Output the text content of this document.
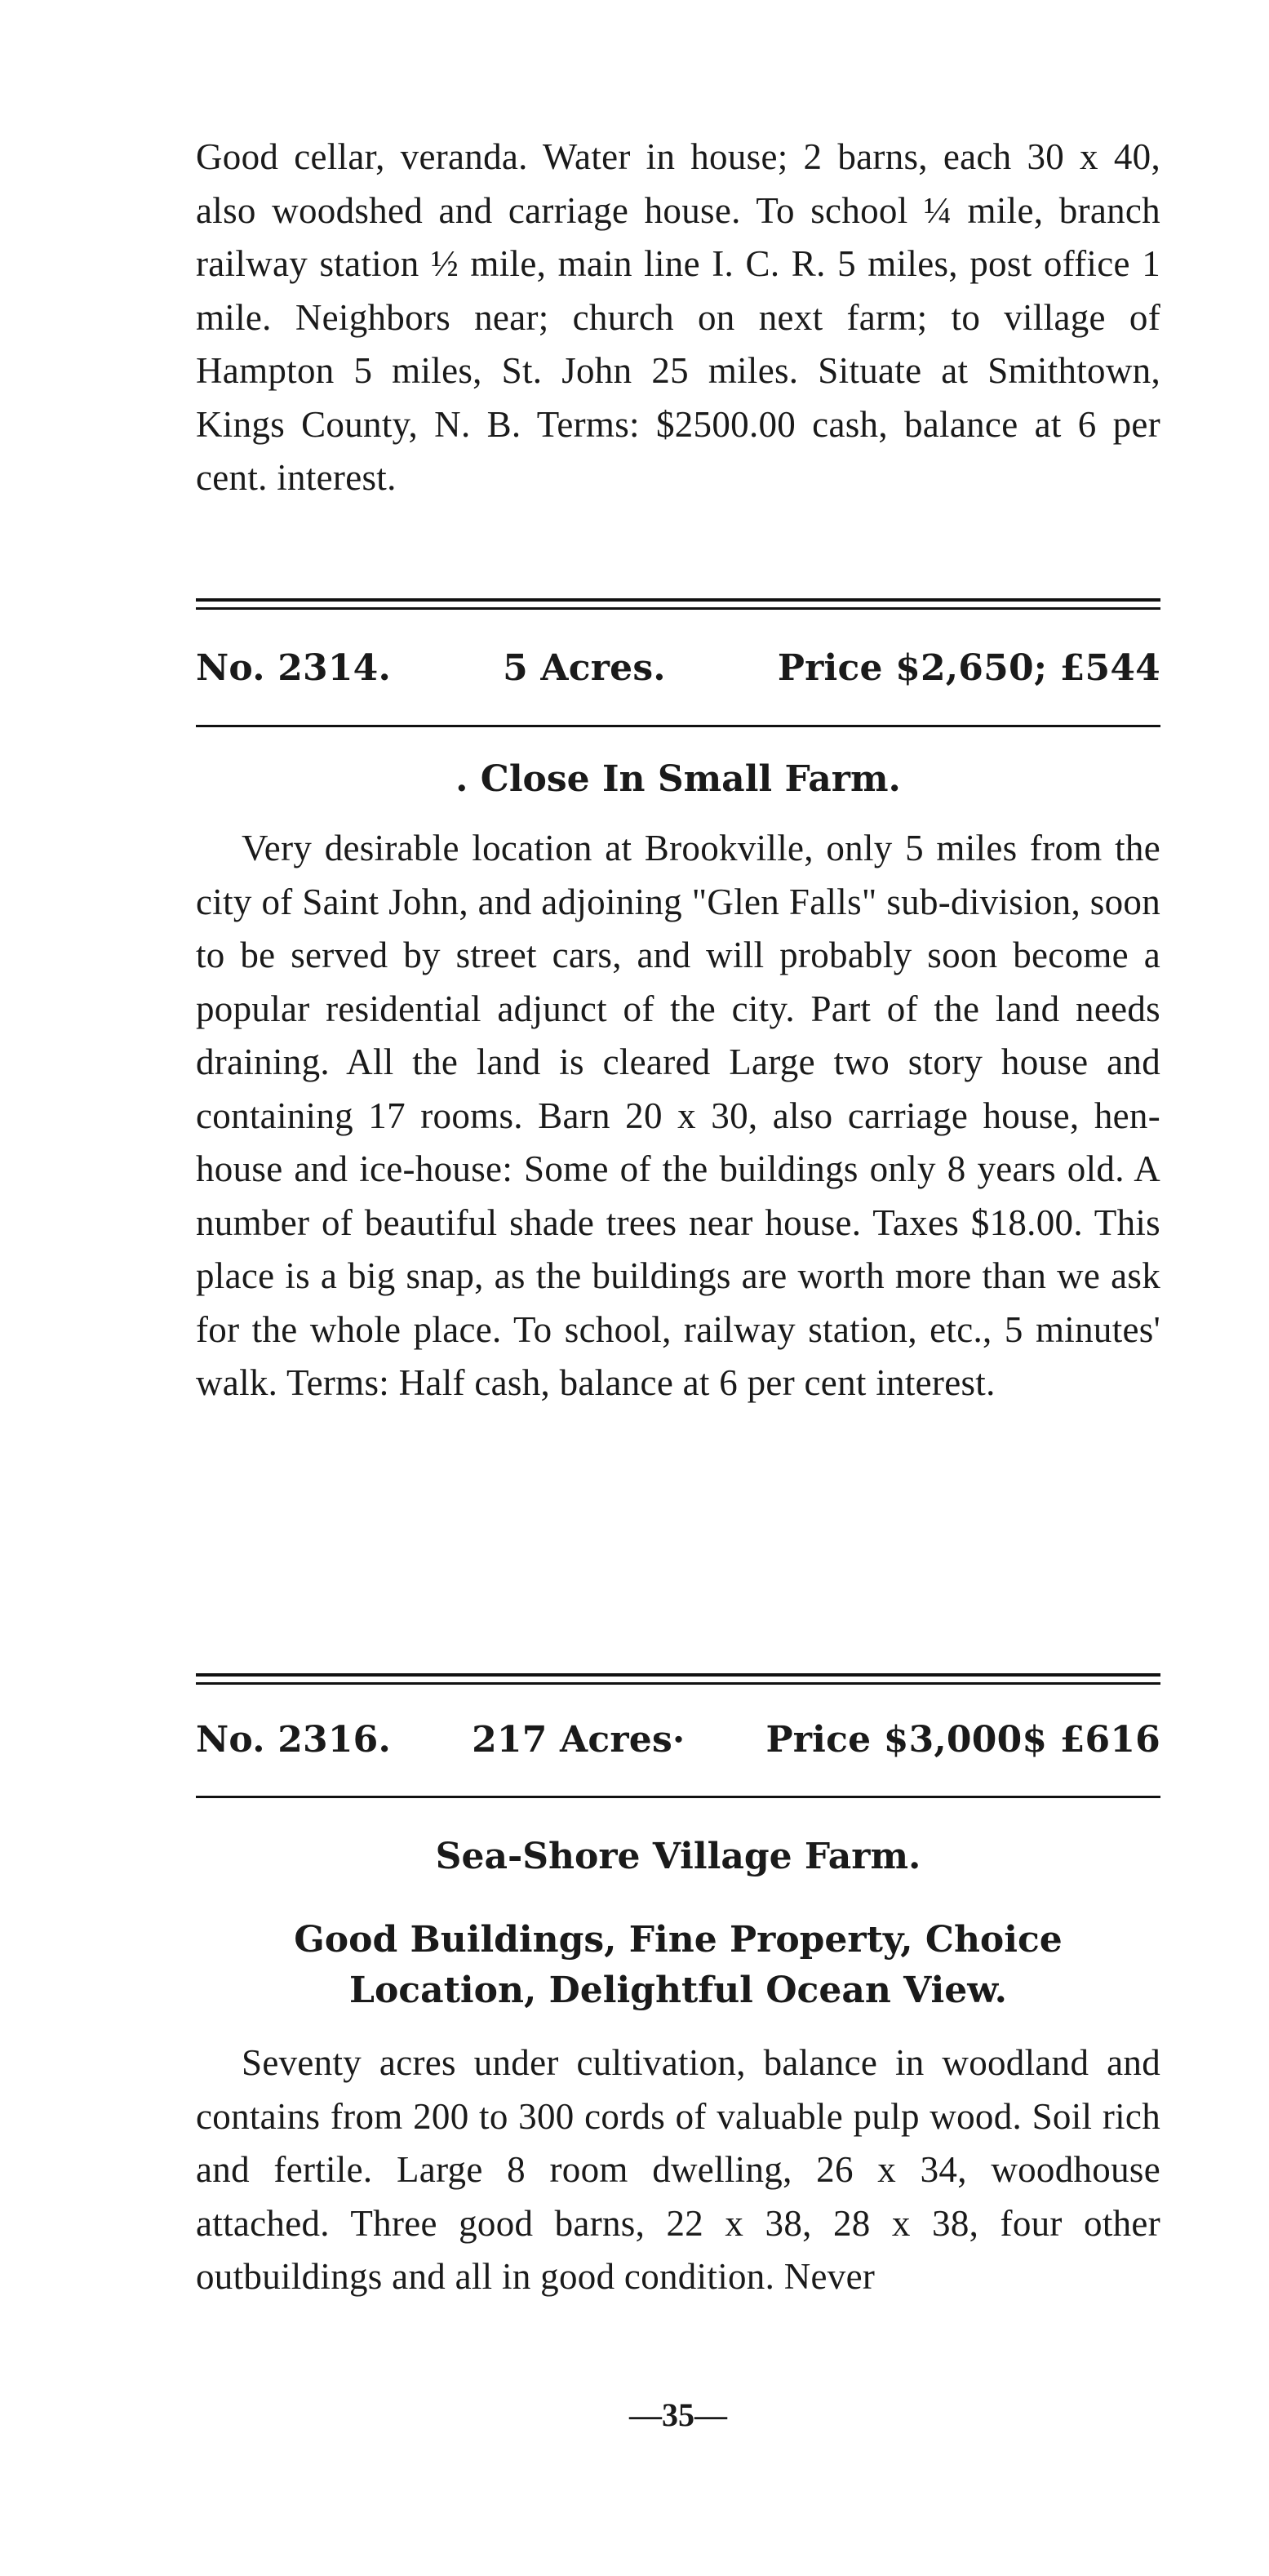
Good cellar, veranda. Water in house; 2 barns, each 30 x 40, also woodshed and carriage house. To school ¼ mile, branch railway station ½ mile, main line I. C. R. 5 miles, post office 1 mile. Neighbors near; church on next farm; to village of Hampton 5 miles, St. John 25 miles. Situate at Smithtown, Kings County, N. B. Terms: $2500.00 cash, balance at 6 per cent. interest.

No. 2314.	5 Acres.	Price $2,650; £544
. Close In Small Farm.

Very desirable location at Brookville, only 5 miles from the city of Saint John, and adjoining "Glen Falls" sub-division, soon to be served by street cars, and will probably soon become a popular residential adjunct of the city. Part of the land needs draining. All the land is cleared Large two story house and containing 17 rooms. Barn 20 x 30, also carriage house, hen-house and ice-house: Some of the buildings only 8 years old. A number of beautiful shade trees near house. Taxes $18.00. This place is a big snap, as the buildings are worth more than we ask for the whole place. To school, railway station, etc., 5 minutes' walk. Terms: Half cash, balance at 6 per cent interest.

No. 2316. 217 Acres· Price $3,000$ £616
Sea-Shore Village Farm.
Good Buildings, Fine Property, Choice Location, Delightful Ocean View.

Seventy acres under cultivation, balance in woodland and contains from 200 to 300 cords of valuable pulp wood. Soil rich and fertile. Large 8 room dwelling, 26 x 34, woodhouse attached. Three good barns, 22 x 38, 28 x 38, four other outbuildings and all in good condition. Never

—35—
